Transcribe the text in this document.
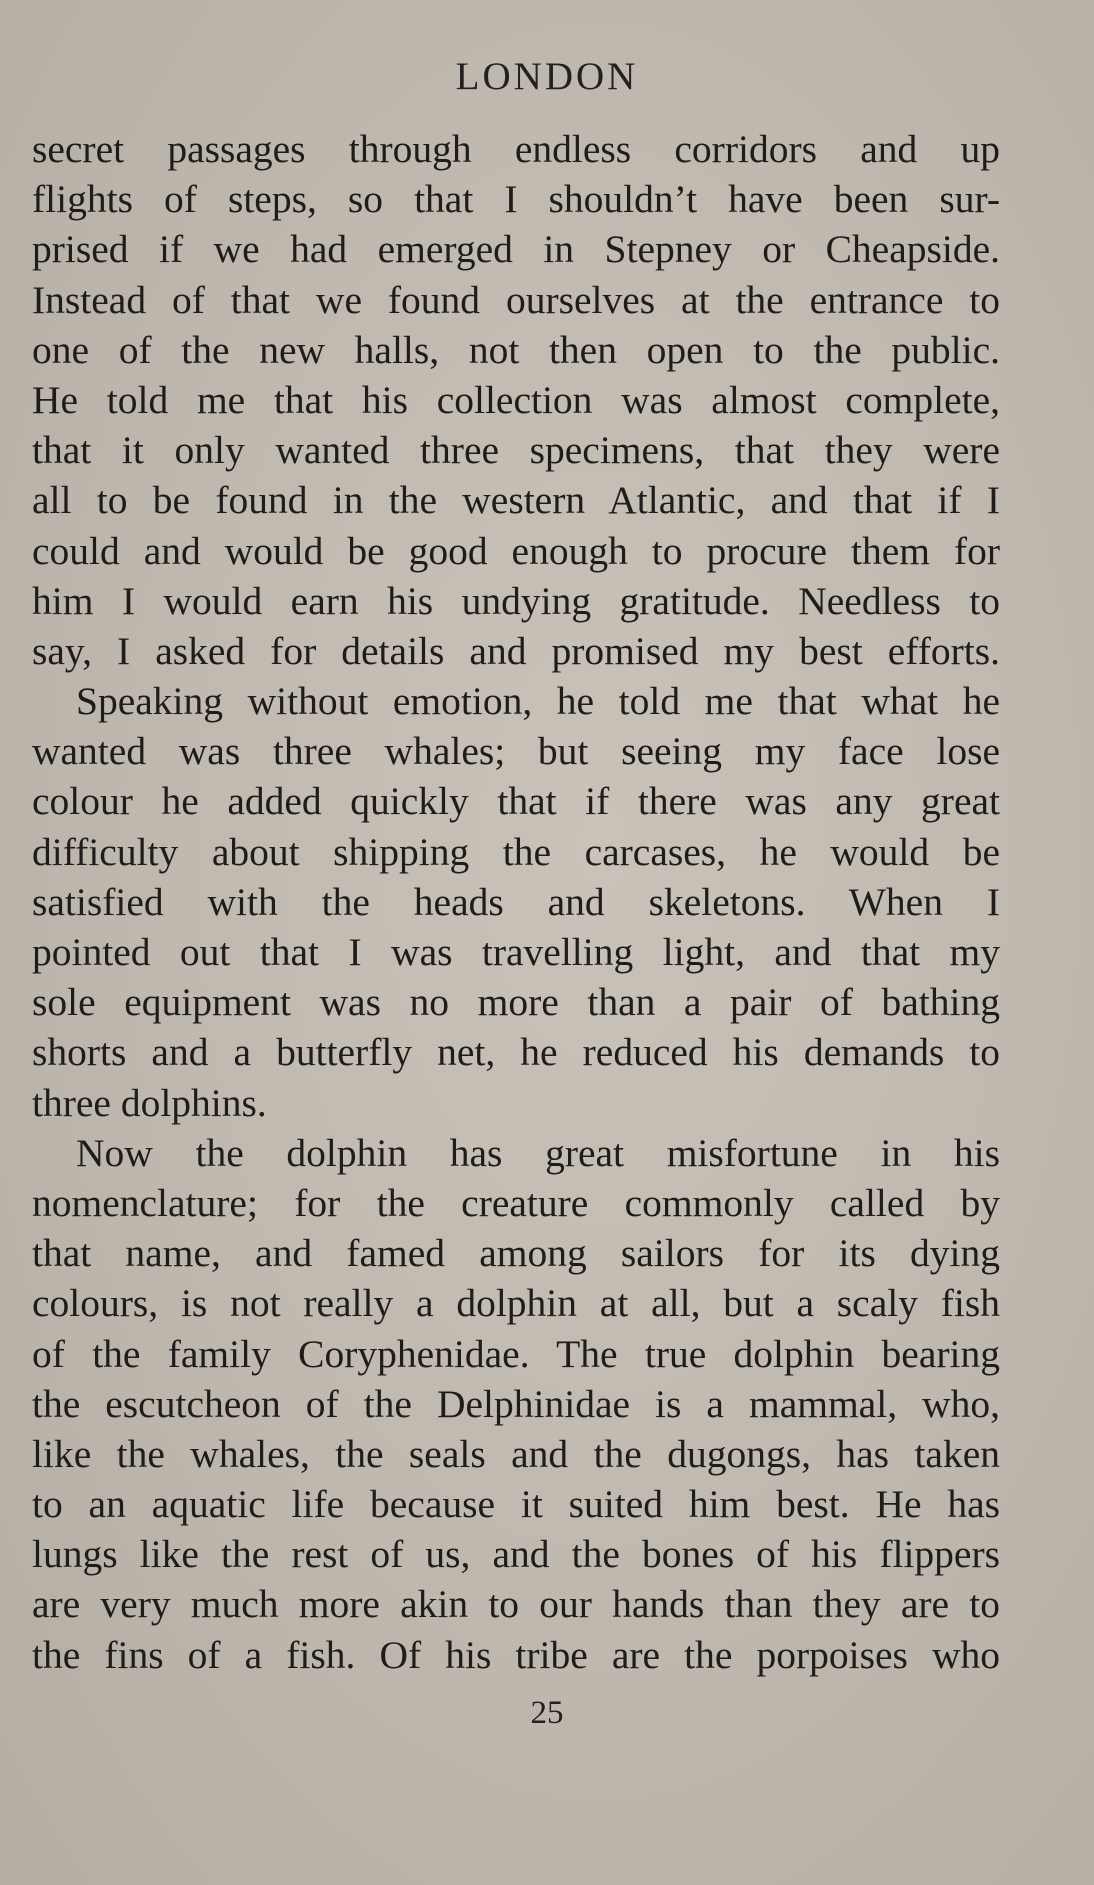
LONDON
secret passages through endless corridors and up
flights of steps, so that I shouldn’t have been sur-
prised if we had emerged in Stepney or Cheapside.
Instead of that we found ourselves at the entrance to
one of the new halls, not then open to the public.
He told me that his collection was almost complete,
that it only wanted three specimens, that they were
all to be found in the western Atlantic, and that if I
could and would be good enough to procure them for
him I would earn his undying gratitude. Needless to
say, I asked for details and promised my best efforts.
Speaking without emotion, he told me that what he
wanted was three whales; but seeing my face lose
colour he added quickly that if there was any great
difficulty about shipping the carcases, he would be
satisfied with the heads and skeletons. When I
pointed out that I was travelling light, and that my
sole equipment was no more than a pair of bathing
shorts and a butterfly net, he reduced his demands to
three dolphins.
Now the dolphin has great misfortune in his
nomenclature; for the creature commonly called by
that name, and famed among sailors for its dying
colours, is not really a dolphin at all, but a scaly fish
of the family Coryphenidae. The true dolphin bearing
the escutcheon of the Delphinidae is a mammal, who,
like the whales, the seals and the dugongs, has taken
to an aquatic life because it suited him best. He has
lungs like the rest of us, and the bones of his flippers
are very much more akin to our hands than they are to
the fins of a fish. Of his tribe are the porpoises who
25
